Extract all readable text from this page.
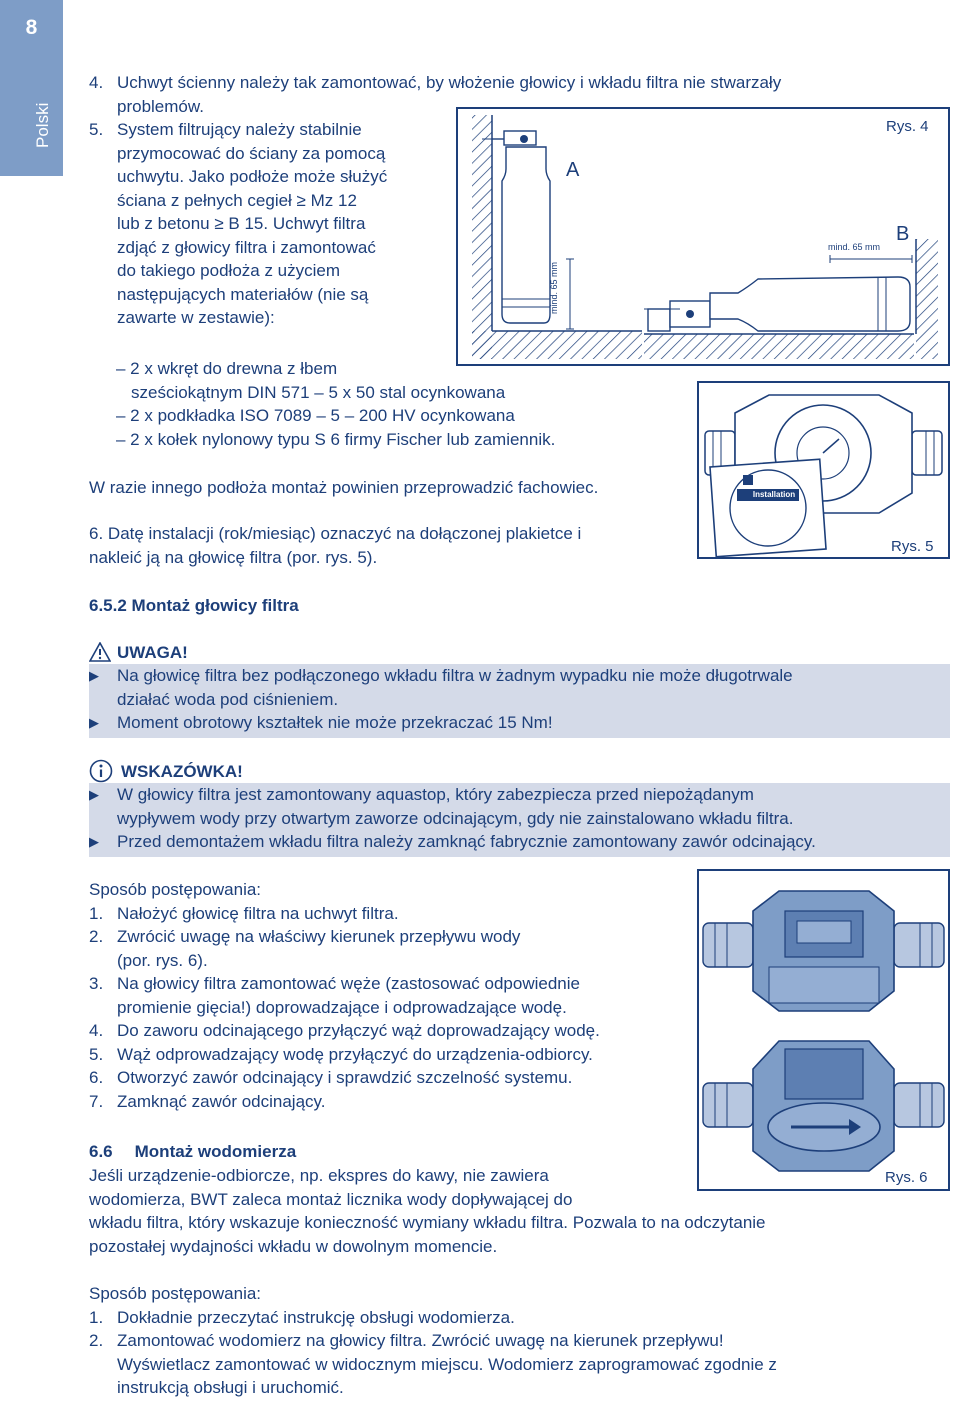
8
Polski
4. Uchwyt ścienny należy tak zamontować, by włożenie głowicy i wkładu filtra nie stwarzały
problemów.
5. System filtrujący należy stabilnie
przymocować do ściany za pomocą
uchwytu. Jako podłoże może służyć
ściana z pełnych cegieł ≥ Mz 12
lub z betonu ≥ B 15. Uchwyt filtra
zdjąć z głowicy filtra i zamontować
do takiego podłoża z użyciem
następujących materiałów (nie są
zawarte w zestawie):
Rys. 4
A
B
mind. 65 mm
mind. 65 mm
– 2 x wkręt do drewna z łbem
sześciokątnym DIN 571 – 5 x 50 stal ocynkowana
– 2 x podkładka ISO 7089 – 5 – 200 HV ocynkowana
– 2 x kołek nylonowy typu S 6 firmy Fischer lub zamiennik.
Installation
Rys. 5
W razie innego podłoża montaż powinien przeprowadzić fachowiec.
6. Datę instalacji (rok/miesiąc) oznaczyć na dołączonej plakietce i
nakleić ją na głowicę filtra (por. rys. 5).
6.5.2 Montaż głowicy filtra
UWAGA!
▶	Na głowicę filtra bez podłączonego wkładu filtra w żadnym wypadku nie może długotrwale
działać woda pod ciśnieniem.
▶	Moment obrotowy kształtek nie może przekraczać 15 Nm!
WSKAZÓWKA!
▶	W głowicy filtra jest zamontowany aquastop, który zabezpiecza przed niepożądanym
wypływem wody przy otwartym zaworze odcinającym, gdy nie zainstalowano wkładu filtra.
▶	Przed demontażem wkładu filtra należy zamknąć fabrycznie zamontowany zawór odcinający.
Sposób postępowania:
1. Nałożyć głowicę filtra na uchwyt filtra.
2. Zwrócić uwagę na właściwy kierunek przepływu wody
(por. rys. 6).
3. Na głowicy filtra zamontować węże (zastosować odpowiednie
promienie gięcia!) doprowadzające i odprowadzające wodę.
4. Do zaworu odcinającego przyłączyć wąż doprowadzający wodę.
5. Wąż odprowadzający wodę przyłączyć do urządzenia-odbiorcy.
6. Otworzyć zawór odcinający i sprawdzić szczelność systemu.
7. Zamknąć zawór odcinający.
Rys. 6
6.6 Montaż wodomierza
Jeśli urządzenie-odbiorcze, np. ekspres do kawy, nie zawiera
wodomierza, BWT zaleca montaż licznika wody dopływającej do
wkładu filtra, który wskazuje konieczność wymiany wkładu filtra. Pozwala to na odczytanie
pozostałej wydajności wkładu w dowolnym momencie.
Sposób postępowania:
1. Dokładnie przeczytać instrukcję obsługi wodomierza.
2. Zamontować wodomierz na głowicy filtra. Zwrócić uwagę na kierunek przepływu!
Wyświetlacz zamontować w widocznym miejscu. Wodomierz zaprogramować zgodnie z
instrukcją obsługi i uruchomić.
